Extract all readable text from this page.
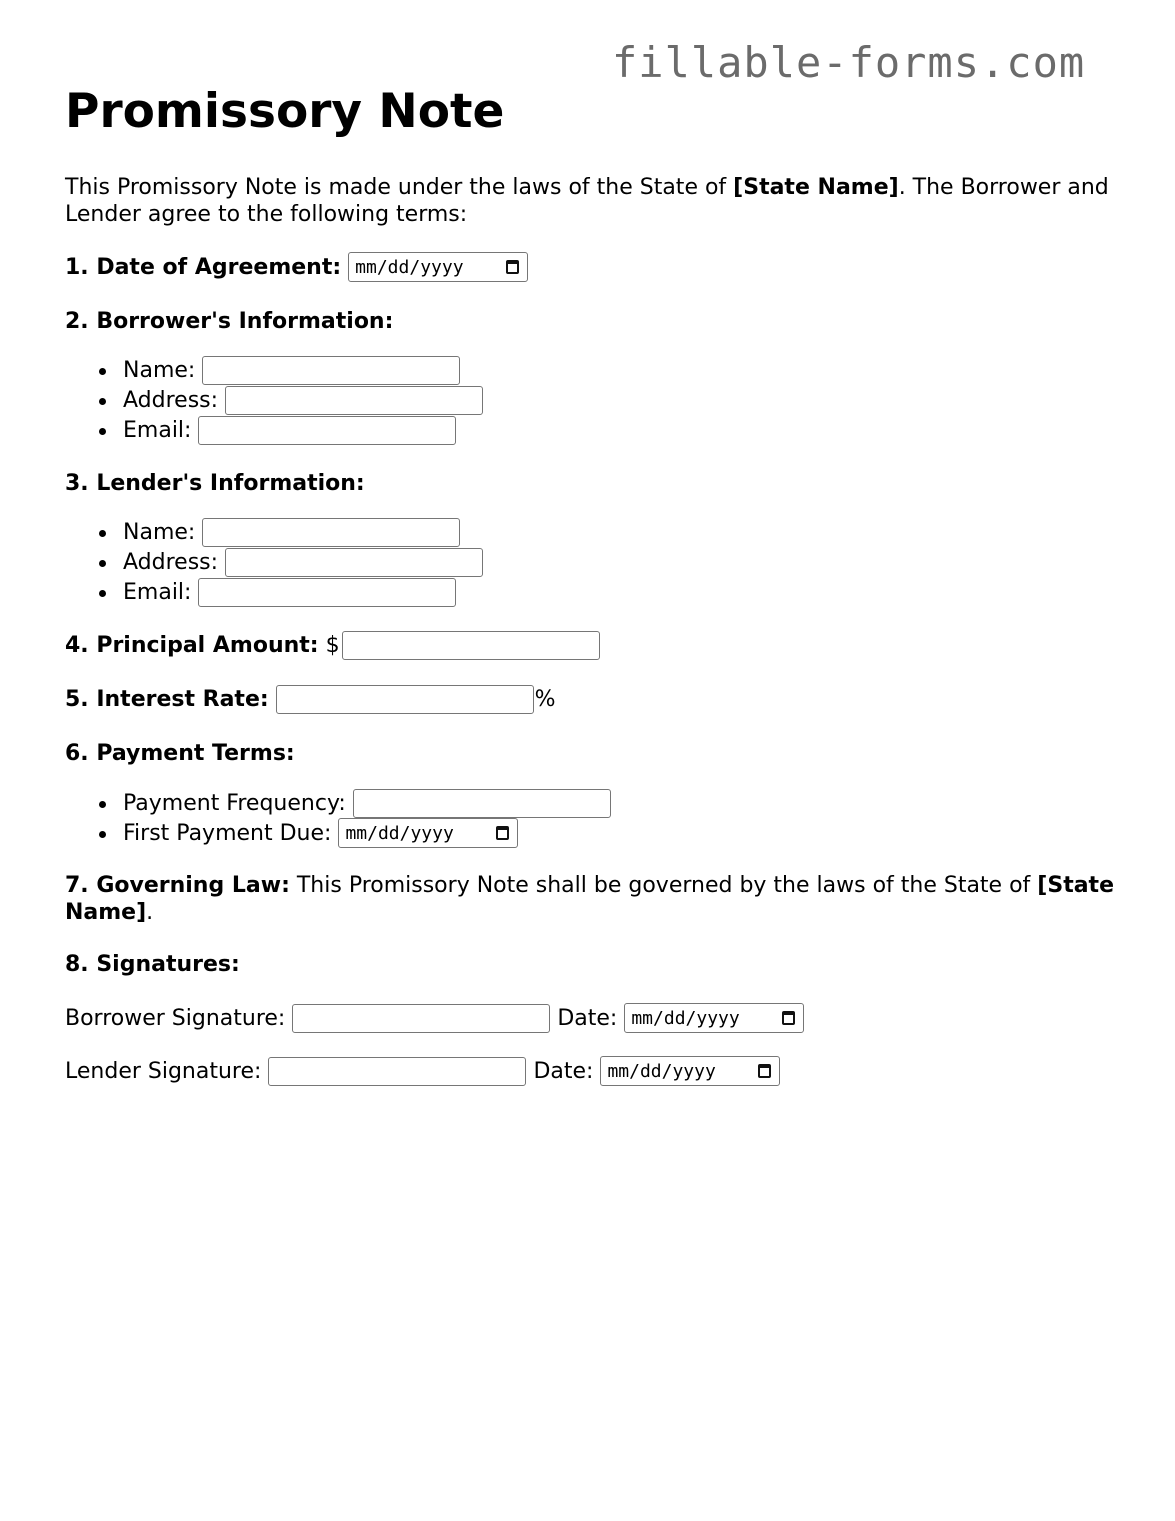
fillable-forms.com
Promissory Note

This Promissory Note is made under the laws of the State of [State Name]. The Borrower and Lender agree to the following terms:

1. Date of Agreement: mm/dd/yyyy
2. Borrower's Information:
Name:
Address:
Email:
3. Lender's Information:
Name:
Address:
Email:
4. Principal Amount: $
5. Interest Rate:	%
6. Payment Terms:
Payment Frequency:
First Payment Due: mm/dd/yyyy

7. Governing Law: This Promissory Note shall be governed by the laws of the State of [State Name].

8. Signatures:
Borrower Signature:	Date: mm/dd/yyyy
Lender Signature:	Date: mm/dd/yyyy
